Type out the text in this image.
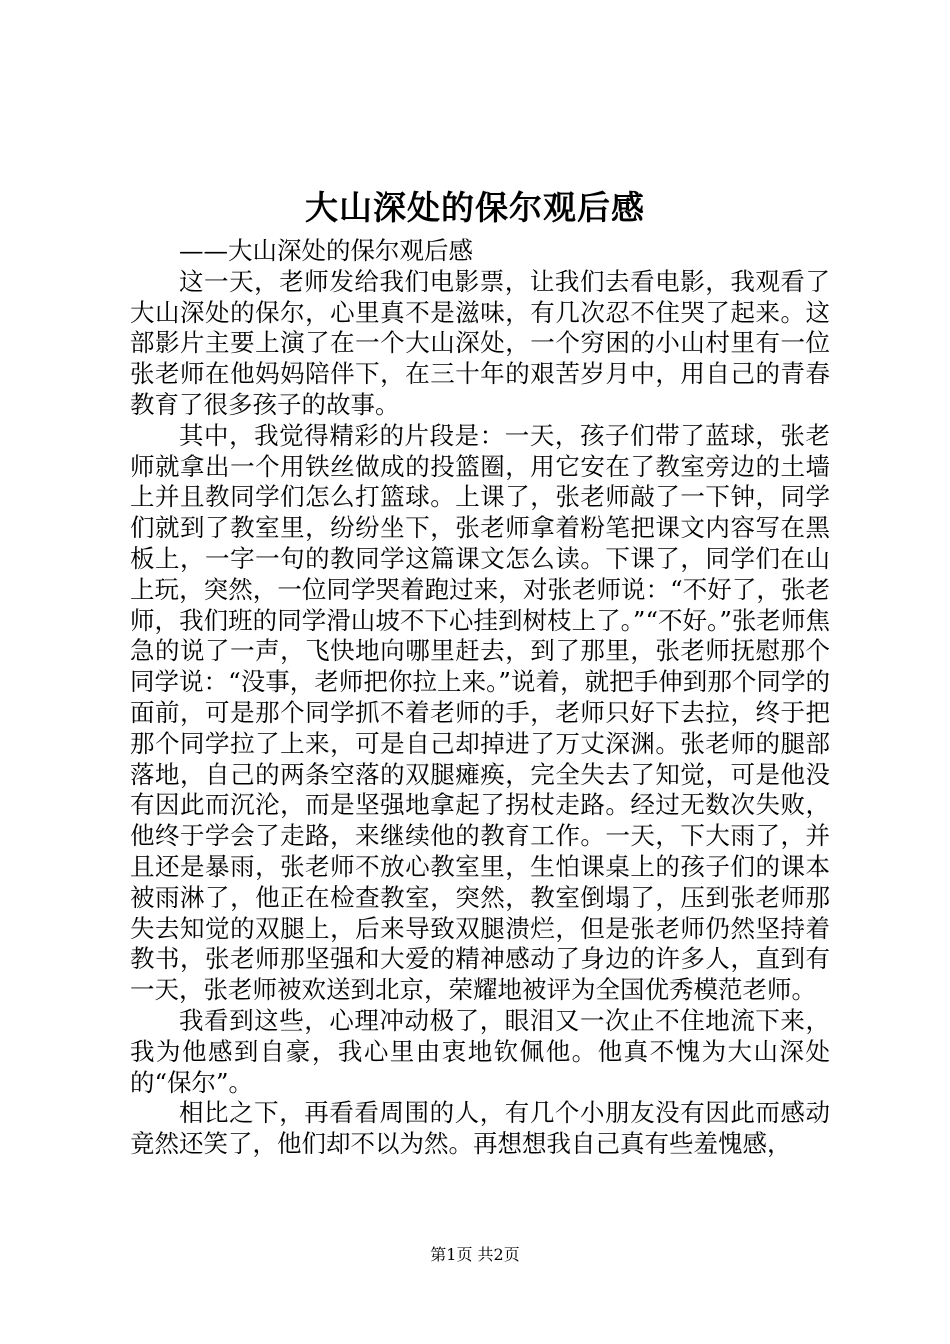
大山深处的保尔观后感

——大山深处的保尔观后感

这一天，老师发给我们电影票，让我们去看电影，我观看了大山深处的保尔，心里真不是滋味，有几次忍不住哭了起来。这部影片主要上演了在一个大山深处，一个穷困的小山村里有一位张老师在他妈妈陪伴下，在三十年的艰苦岁月中，用自己的青春教育了很多孩子的故事。

其中，我觉得精彩的片段是：一天，孩子们带了蓝球，张老师就拿出一个用铁丝做成的投篮圈，用它安在了教室旁边的土墙上并且教同学们怎么打篮球。上课了，张老师敲了一下钟，同学们就到了教室里，纷纷坐下，张老师拿着粉笔把课文内容写在黑板上，一字一句的教同学这篇课文怎么读。下课了，同学们在山上玩，突然，一位同学哭着跑过来，对张老师说：“不好了，张老师，我们班的同学滑山坡不下心挂到树枝上了。”“不好。”张老师焦急的说了一声，飞快地向哪里赶去，到了那里，张老师抚慰那个同学说：“没事，老师把你拉上来。”说着，就把手伸到那个同学的面前，可是那个同学抓不着老师的手，老师只好下去拉，终于把那个同学拉了上来，可是自己却掉进了万丈深渊。张老师的腿部落地，自己的两条空落的双腿瘫痪，完全失去了知觉，可是他没有因此而沉沦，而是坚强地拿起了拐杖走路。经过无数次失败，他终于学会了走路，来继续他的教育工作。一天，下大雨了，并且还是暴雨，张老师不放心教室里，生怕课桌上的孩子们的课本被雨淋了，他正在检查教室，突然，教室倒塌了，压到张老师那失去知觉的双腿上，后来导致双腿溃烂，但是张老师仍然坚持着教书，张老师那坚强和大爱的精神感动了身边的许多人，直到有一天，张老师被欢送到北京，荣耀地被评为全国优秀模范老师。

我看到这些，心理冲动极了，眼泪又一次止不住地流下来，我为他感到自豪，我心里由衷地钦佩他。他真不愧为大山深处的“保尔”。

相比之下，再看看周围的人，有几个小朋友没有因此而感动竟然还笑了，他们却不以为然。再想想我自己真有些羞愧感，

第1页 共2页
